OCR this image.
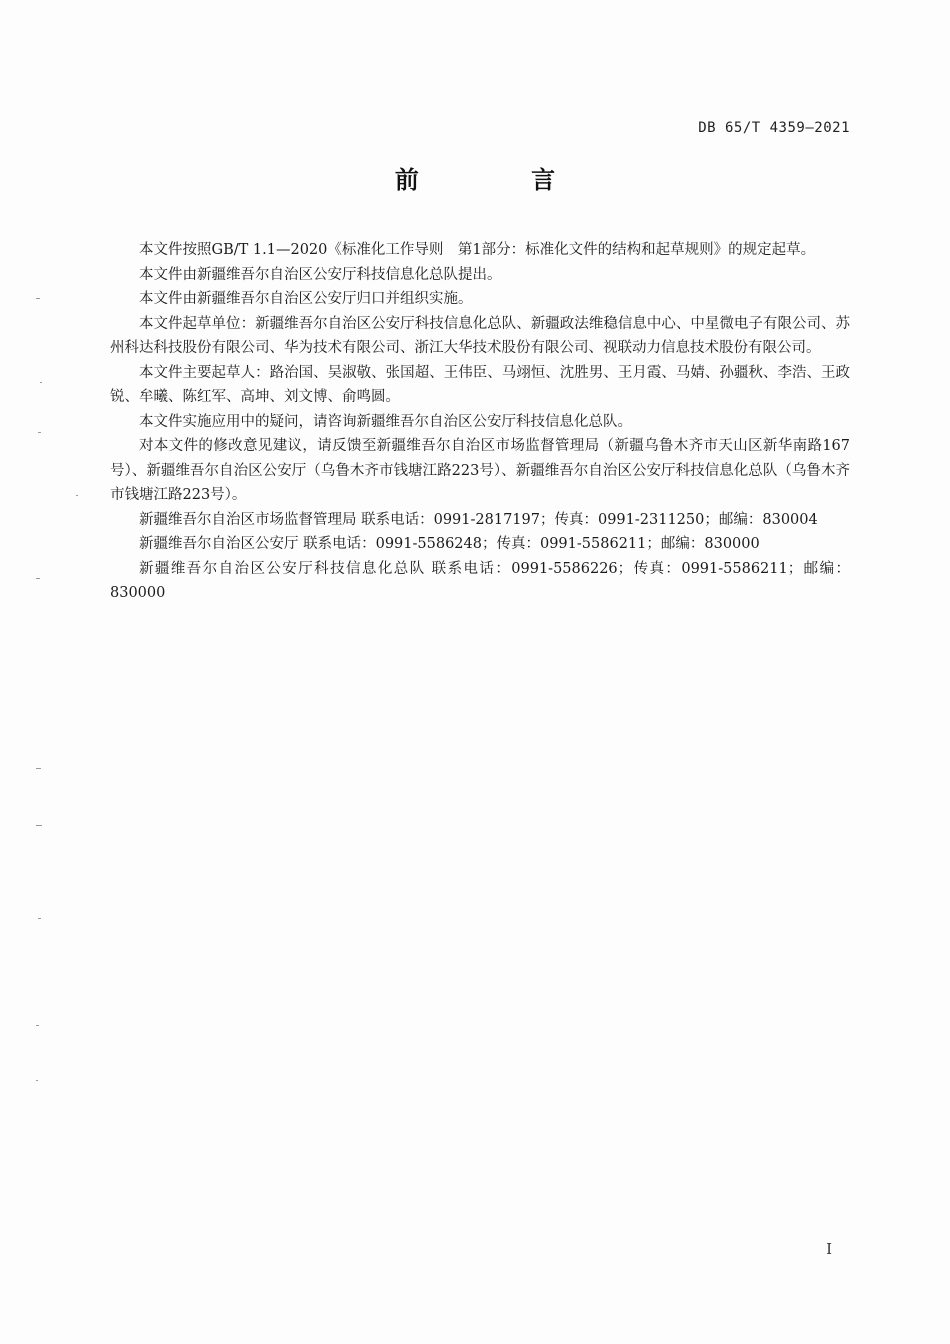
DB 65/T 4359—2021
前 言

本文件按照GB/T 1.1—2020《标准化工作导则　第1部分：标准化文件的结构和起草规则》的规定起草。

本文件由新疆维吾尔自治区公安厅科技信息化总队提出。

本文件由新疆维吾尔自治区公安厅归口并组织实施。

本文件起草单位：新疆维吾尔自治区公安厅科技信息化总队、新疆政法维稳信息中心、中星微电子有限公司、苏州科达科技股份有限公司、华为技术有限公司、浙江大华技术股份有限公司、视联动力信息技术股份有限公司。

本文件主要起草人：路治国、吴淑敬、张国超、王伟臣、马翊恒、沈胜男、王月霞、马婧、孙疆秋、李浩、王政锐、牟曦、陈红军、高坤、刘文博、俞鸣圆。

本文件实施应用中的疑问，请咨询新疆维吾尔自治区公安厅科技信息化总队。

对本文件的修改意见建议，请反馈至新疆维吾尔自治区市场监督管理局（新疆乌鲁木齐市天山区新华南路167号）、新疆维吾尔自治区公安厅（乌鲁木齐市钱塘江路223号）、新疆维吾尔自治区公安厅科技信息化总队（乌鲁木齐市钱塘江路223号）。

新疆维吾尔自治区市场监督管理局 联系电话：0991-2817197；传真：0991-2311250；邮编：830004

新疆维吾尔自治区公安厅 联系电话：0991-5586248；传真：0991-5586211；邮编：830000

新疆维吾尔自治区公安厅科技信息化总队 联系电话：0991-5586226；传真：0991-5586211；邮编：830000

I
